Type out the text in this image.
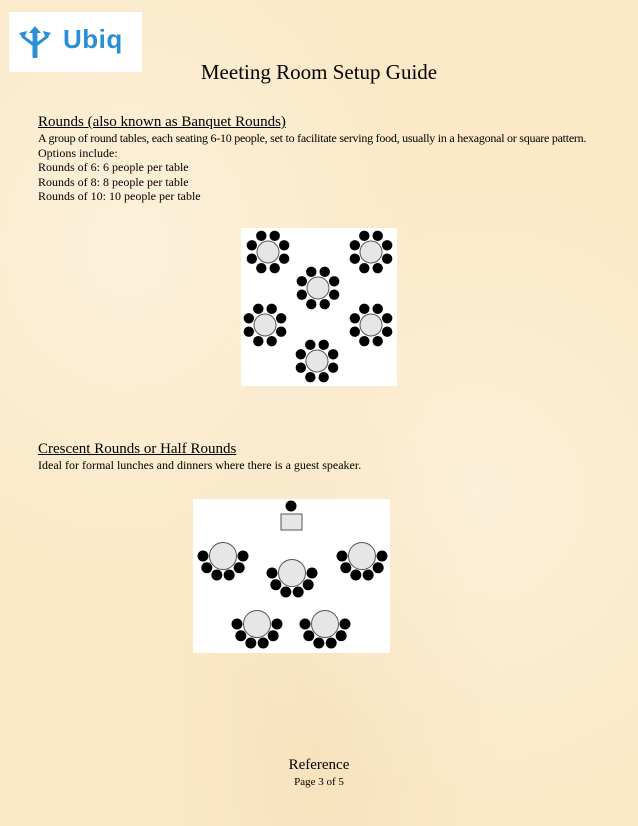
Ubiq
Meeting Room Setup Guide
Rounds (also known as Banquet Rounds)
A group of round tables, each seating 6-10 people, set to facilitate serving food, usually in a hexagonal or square pattern.
Options include:
Rounds of 6: 6 people per table
Rounds of 8: 8 people per table
Rounds of 10: 10 people per table
Crescent Rounds or Half Rounds
Ideal for formal lunches and dinners where there is a guest speaker.
Reference
Page 3 of 5
